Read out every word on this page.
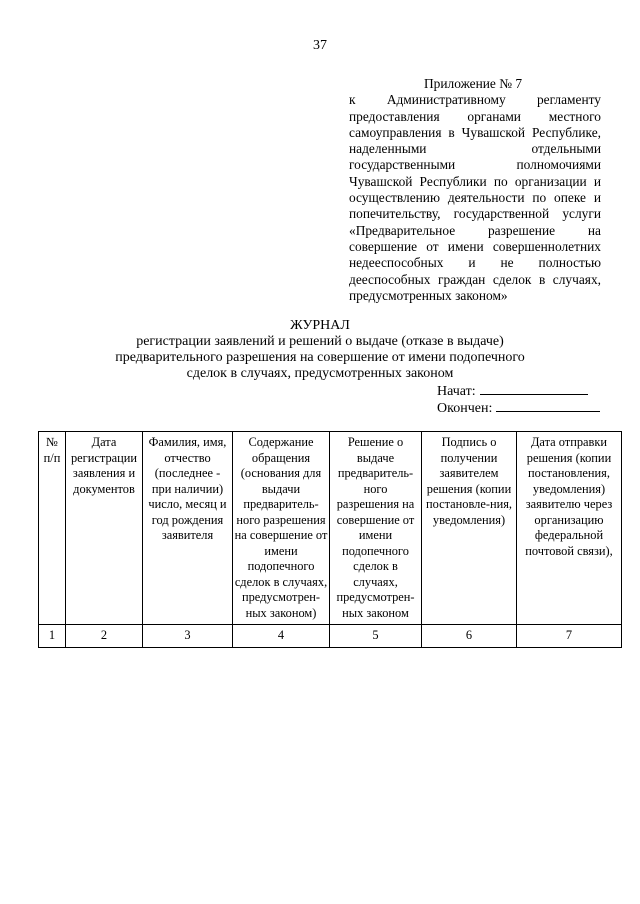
37
Приложение № 7
к Административному регламенту предоставления органами местного самоуправления в Чувашской Республике, наделенными отдельными государственными полномочиями Чувашской Республики по организации и осуществлению деятельности по опеке и попечительству, государственной услуги «Предварительное разрешение на совершение от имени совершеннолетних недееспособных и не полностью дееспособных граждан сделок в случаях, предусмотренных законом»
ЖУРНАЛ
регистрации заявлений и решений о выдаче (отказе в выдаче) предварительного разрешения на совершение от имени подопечного сделок в случаях, предусмотренных законом
Начат:
Окончен:
№ п/п	Дата регистрации заявления и документов	Фамилия, имя, отчество (последнее - при наличии) число, месяц и год рождения заявителя	Содержание обращения (основания для выдачи предваритель-ного разрешения на совершение от имени подопечного сделок в случаях, предусмотрен-ных законом)	Решение о выдаче предваритель-ного разрешения на совершение от имени подопечного сделок в случаях, предусмотрен-ных законом	Подпись о получении заявителем решения (копии постановле-ния, уведомления)	Дата отправки решения (копии постановления, уведомления) заявителю через организацию федеральной почтовой связи),
1	2	3	4	5	6	7
